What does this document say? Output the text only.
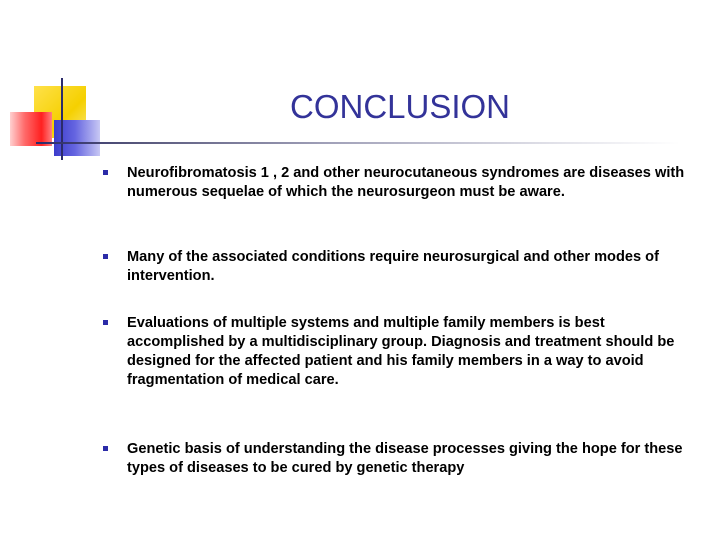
CONCLUSION
Neurofibromatosis 1 , 2 and other neurocutaneous syndromes are diseases with numerous sequelae of which the neurosurgeon must be aware.
Many of the associated conditions require neurosurgical and other modes of intervention.
Evaluations of multiple systems and multiple family members is best accomplished by a multidisciplinary group. Diagnosis and treatment should be designed for the affected patient and his family members in a way to avoid fragmentation of medical care.
Genetic basis of understanding the disease processes giving the hope for these types of diseases to be cured by genetic therapy
